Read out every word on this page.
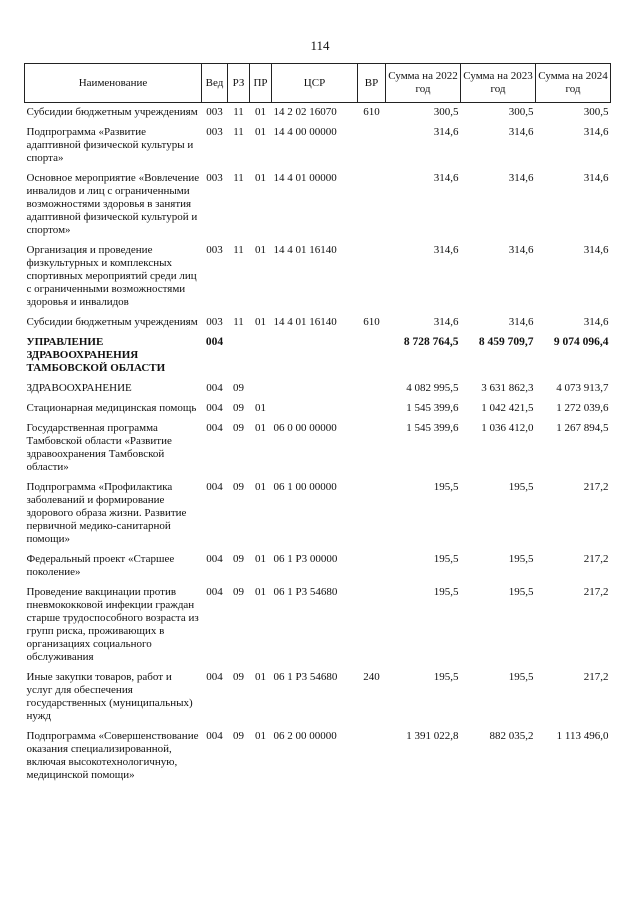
114
Наименование	Вед	РЗ	ПР	ЦСР	ВР	Сумма на 2022 год	Сумма на 2023 год	Сумма на 2024 год
Субсидии бюджетным учреждениям	003	11	01	14 2 02 16070	610	300,5	300,5	300,5
Подпрограмма «Развитие адаптивной физической культуры и спорта»	003	11	01	14 4 00 00000		314,6	314,6	314,6
Основное мероприятие «Вовлечение инвалидов и лиц с ограниченными возможностями здоровья в занятия адаптивной физической культурой и спортом»	003	11	01	14 4 01 00000		314,6	314,6	314,6
Организация и проведение физкультурных и комплексных спортивных мероприятий среди лиц с ограниченными возможностями здоровья и инвалидов	003	11	01	14 4 01 16140		314,6	314,6	314,6
Субсидии бюджетным учреждениям	003	11	01	14 4 01 16140	610	314,6	314,6	314,6
УПРАВЛЕНИЕ ЗДРАВООХРАНЕНИЯ ТАМБОВСКОЙ ОБЛАСТИ	004					8 728 764,5	8 459 709,7	9 074 096,4
ЗДРАВООХРАНЕНИЕ	004	09				4 082 995,5	3 631 862,3	4 073 913,7
Стационарная медицинская помощь	004	09	01			1 545 399,6	1 042 421,5	1 272 039,6
Государственная программа Тамбовской области «Развитие здравоохранения Тамбовской области»	004	09	01	06 0 00 00000		1 545 399,6	1 036 412,0	1 267 894,5
Подпрограмма «Профилактика заболеваний и формирование здорового образа жизни. Развитие первичной медико-санитарной помощи»	004	09	01	06 1 00 00000		195,5	195,5	217,2
Федеральный проект «Старшее поколение»	004	09	01	06 1 P3 00000		195,5	195,5	217,2
Проведение вакцинации против пневмококковой инфекции граждан старше трудоспособного возраста из групп риска, проживающих в организациях социального обслуживания	004	09	01	06 1 P3 54680		195,5	195,5	217,2
Иные закупки товаров, работ и услуг для обеспечения государственных (муниципальных) нужд	004	09	01	06 1 P3 54680	240	195,5	195,5	217,2
Подпрограмма «Совершенствование оказания специализированной, включая высокотехнологичную, медицинской помощи»	004	09	01	06 2 00 00000		1 391 022,8	882 035,2	1 113 496,0
